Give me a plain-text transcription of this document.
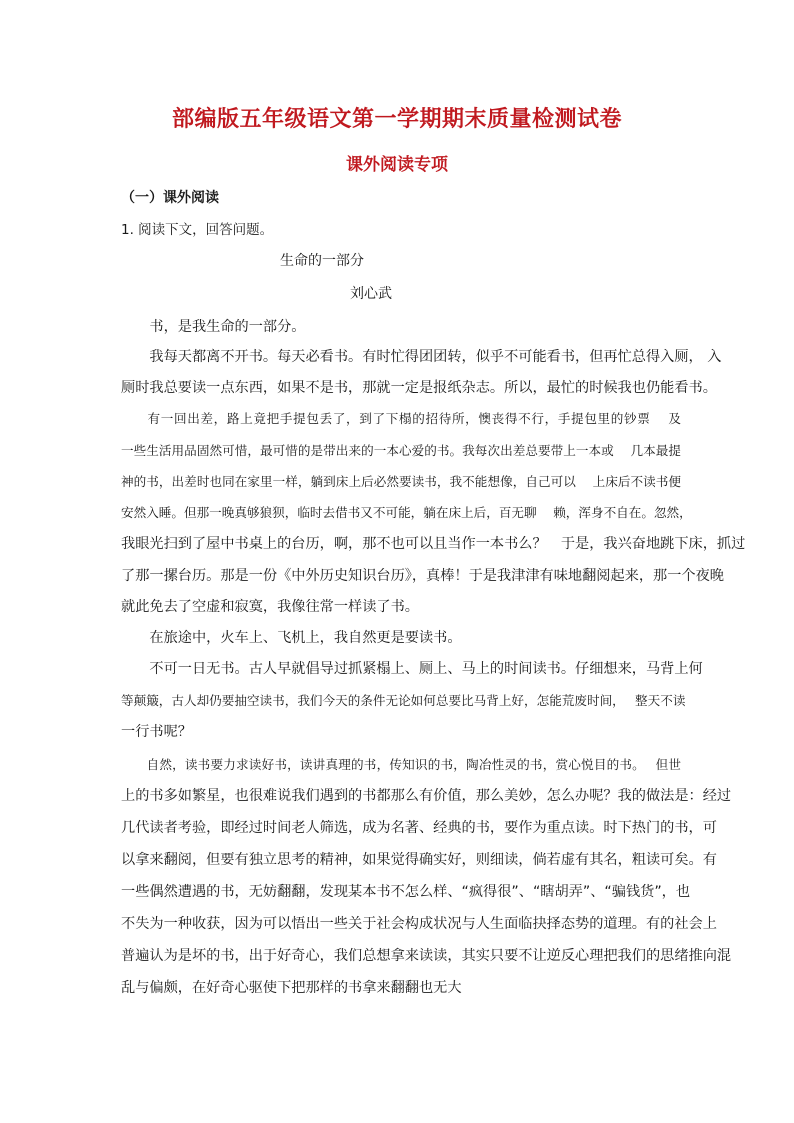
部编版五年级语文第一学期期末质量检测试卷
课外阅读专项
（一）课外阅读
1. 阅读下文，回答问题。
生命的一部分
刘心武
　　书，是我生命的一部分。
　　我每天都离不开书。每天必看书。有时忙得团团转，似乎不可能看书，但再忙总得入厕， 入
厕时我总要读一点东西，如果不是书，那就一定是报纸杂志。所以，最忙的时候我也仍能看书。
　　有一回出差，路上竟把手提包丢了，到了下榻的招待所，懊丧得不行，手提包里的钞票　 及
一些生活用品固然可惜，最可惜的是带出来的一本心爱的书。我每次出差总要带上一本或　 几本最提
神的书，出差时也同在家里一样，躺到床上后必然要读书，我不能想像，自己可以　 上床后不读书便
安然入睡。但那一晚真够狼狈，临时去借书又不可能，躺在床上后，百无聊　 赖，浑身不自在。忽然，
我眼光扫到了屋中书桌上的台历，啊，那不也可以且当作一本书么？　于是，我兴奋地跳下床，抓过
了那一摞台历。那是一份《中外历史知识台历》，真棒！于是我津津有味地翻阅起来，那一个夜晚
就此免去了空虚和寂寞，我像往常一样读了书。
　　在旅途中，火车上、飞机上，我自然更是要读书。
　　不可一日无书。古人早就倡导过抓紧榻上、厕上、马上的时间读书。仔细想来，马背上何
等颠簸，古人却仍要抽空读书，我们今天的条件无论如何总要比马背上好，怎能荒废时间，　 整天不读
一行书呢？
　　自然，读书要力求读好书，读讲真理的书，传知识的书，陶冶性灵的书，赏心悦目的书。　 但世
上的书多如繁星，也很难说我们遇到的书都那么有价值，那么美妙，怎么办呢？我的做法是：经过
几代读者考验，即经过时间老人筛选，成为名著、经典的书，要作为重点读。时下热门的书，可
以拿来翻阅，但要有独立思考的精神，如果觉得确实好，则细读，倘若虚有其名，粗读可矣。有
一些偶然遭遇的书，无妨翻翻，发现某本书不怎么样、“疯得很”、“瞎胡弄”、“骗钱货”，也
不失为一种收获，因为可以悟出一些关于社会构成状况与人生面临抉择态势的道理。有的社会上
普遍认为是坏的书，出于好奇心，我们总想拿来读读，其实只要不让逆反心理把我们的思绪推向混
乱与偏颇，在好奇心驱使下把那样的书拿来翻翻也无大
